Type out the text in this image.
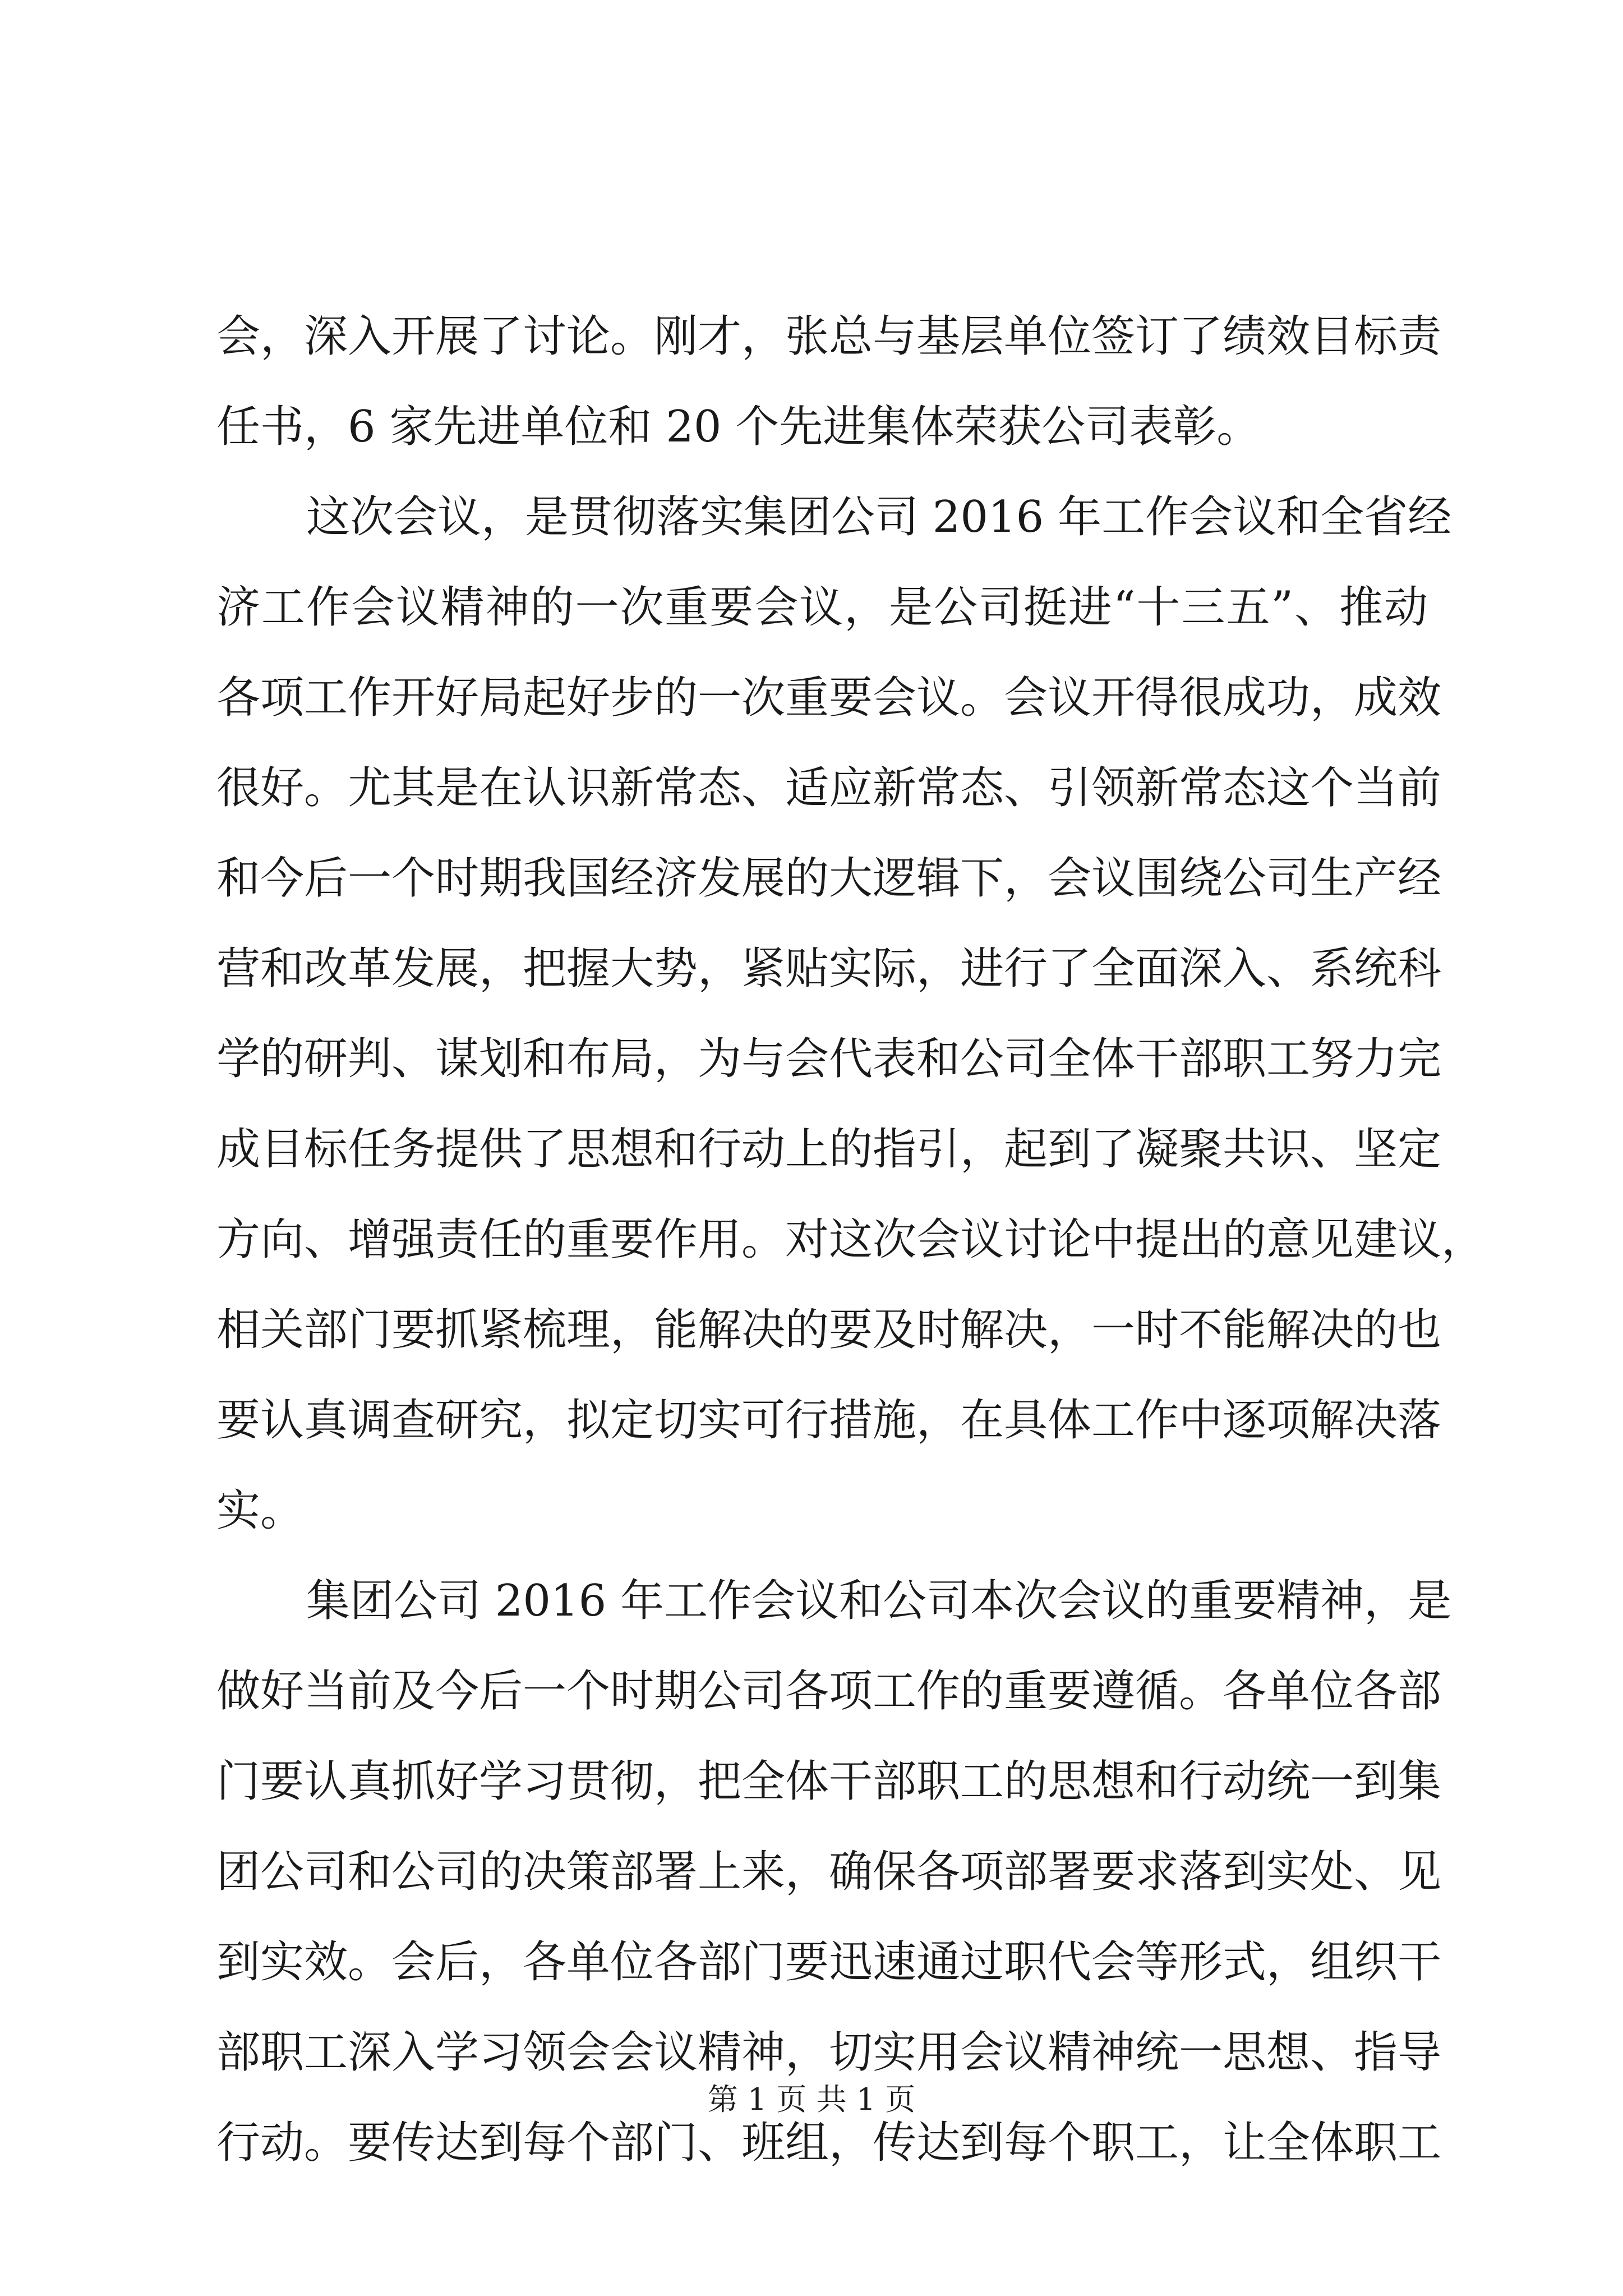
会，深入开展了讨论。刚才，张总与基层单位签订了绩效目标责
任书，6 家先进单位和 20 个先进集体荣获公司表彰。
这次会议，是贯彻落实集团公司 2016 年工作会议和全省经
济工作会议精神的一次重要会议，是公司挺进“十三五”、推动
各项工作开好局起好步的一次重要会议。会议开得很成功，成效
很好。尤其是在认识新常态、适应新常态、引领新常态这个当前
和今后一个时期我国经济发展的大逻辑下，会议围绕公司生产经
营和改革发展，把握大势，紧贴实际，进行了全面深入、系统科
学的研判、谋划和布局，为与会代表和公司全体干部职工努力完
成目标任务提供了思想和行动上的指引，起到了凝聚共识、坚定
方向、增强责任的重要作用。对这次会议讨论中提出的意见建议，
相关部门要抓紧梳理，能解决的要及时解决，一时不能解决的也
要认真调查研究，拟定切实可行措施，在具体工作中逐项解决落
实。
集团公司 2016 年工作会议和公司本次会议的重要精神，是
做好当前及今后一个时期公司各项工作的重要遵循。各单位各部
门要认真抓好学习贯彻，把全体干部职工的思想和行动统一到集
团公司和公司的决策部署上来，确保各项部署要求落到实处、见
到实效。会后，各单位各部门要迅速通过职代会等形式，组织干
部职工深入学习领会会议精神，切实用会议精神统一思想、指导
行动。要传达到每个部门、班组，传达到每个职工，让全体职工
第 1 页 共 1 页
